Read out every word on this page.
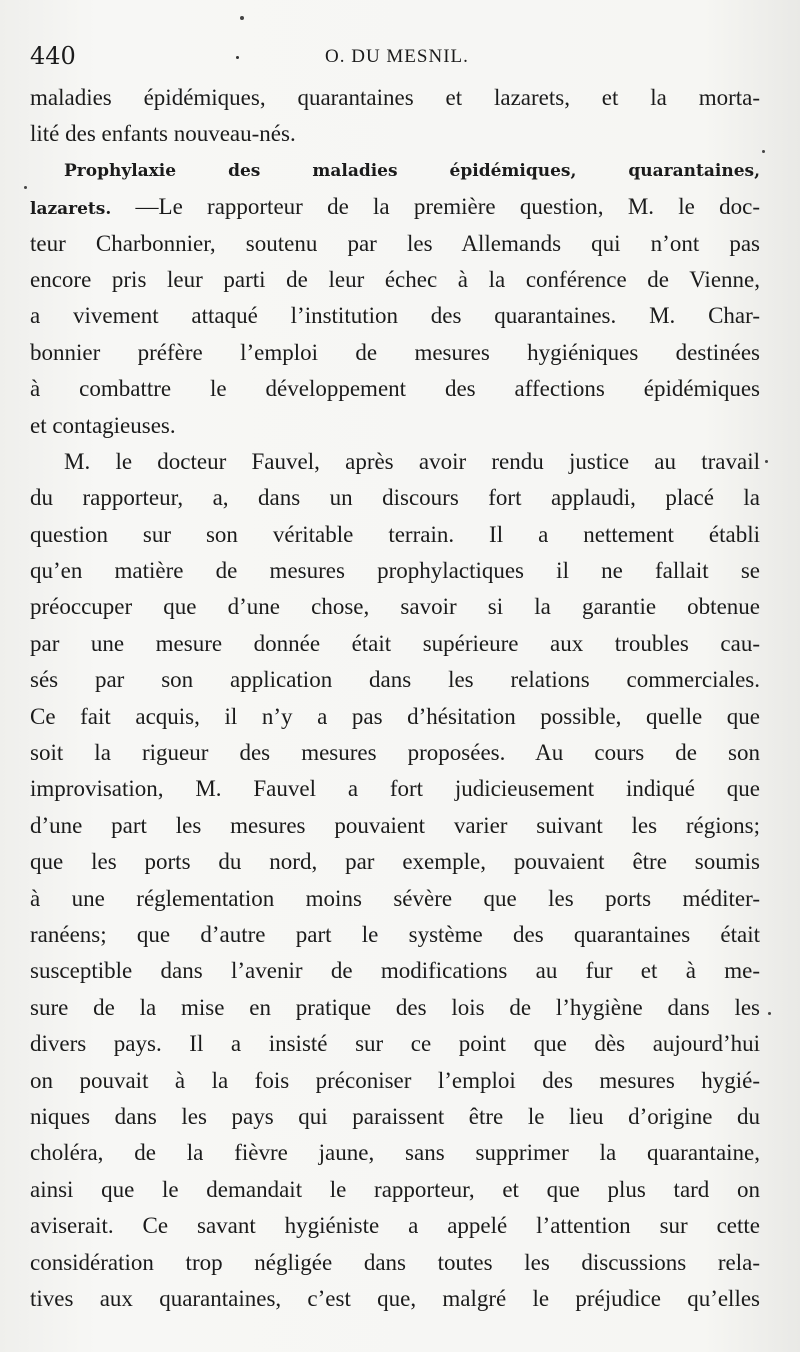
440	O. DU MESNIL.
maladies épidémiques, quarantaines et lazarets, et la morta-
lité des enfants nouveau-nés.
Prophylaxie des maladies épidémiques, quarantaines,
lazarets. —Le rapporteur de la première question, M. le doc-
teur Charbonnier, soutenu par les Allemands qui n’ont pas
encore pris leur parti de leur échec à la conférence de Vienne,
a vivement attaqué l’institution des quarantaines. M. Char-
bonnier préfère l’emploi de mesures hygiéniques destinées
à combattre le développement des affections épidémiques
et contagieuses.
M. le docteur Fauvel, après avoir rendu justice au travail
du rapporteur, a, dans un discours fort applaudi, placé la
question sur son véritable terrain. Il a nettement établi
qu’en matière de mesures prophylactiques il ne fallait se
préoccuper que d’une chose, savoir si la garantie obtenue
par une mesure donnée était supérieure aux troubles cau-
sés par son application dans les relations commerciales.
Ce fait acquis, il n’y a pas d’hésitation possible, quelle que
soit la rigueur des mesures proposées. Au cours de son
improvisation, M. Fauvel a fort judicieusement indiqué que
d’une part les mesures pouvaient varier suivant les régions;
que les ports du nord, par exemple, pouvaient être soumis
à une réglementation moins sévère que les ports méditer-
ranéens; que d’autre part le système des quarantaines était
susceptible dans l’avenir de modifications au fur et à me-
sure de la mise en pratique des lois de l’hygiène dans les
divers pays. Il a insisté sur ce point que dès aujourd’hui
on pouvait à la fois préconiser l’emploi des mesures hygié-
niques dans les pays qui paraissent être le lieu d’origine du
choléra, de la fièvre jaune, sans supprimer la quarantaine,
ainsi que le demandait le rapporteur, et que plus tard on
aviserait. Ce savant hygiéniste a appelé l’attention sur cette
considération trop négligée dans toutes les discussions rela-
tives aux quarantaines, c’est que, malgré le préjudice qu’elles
